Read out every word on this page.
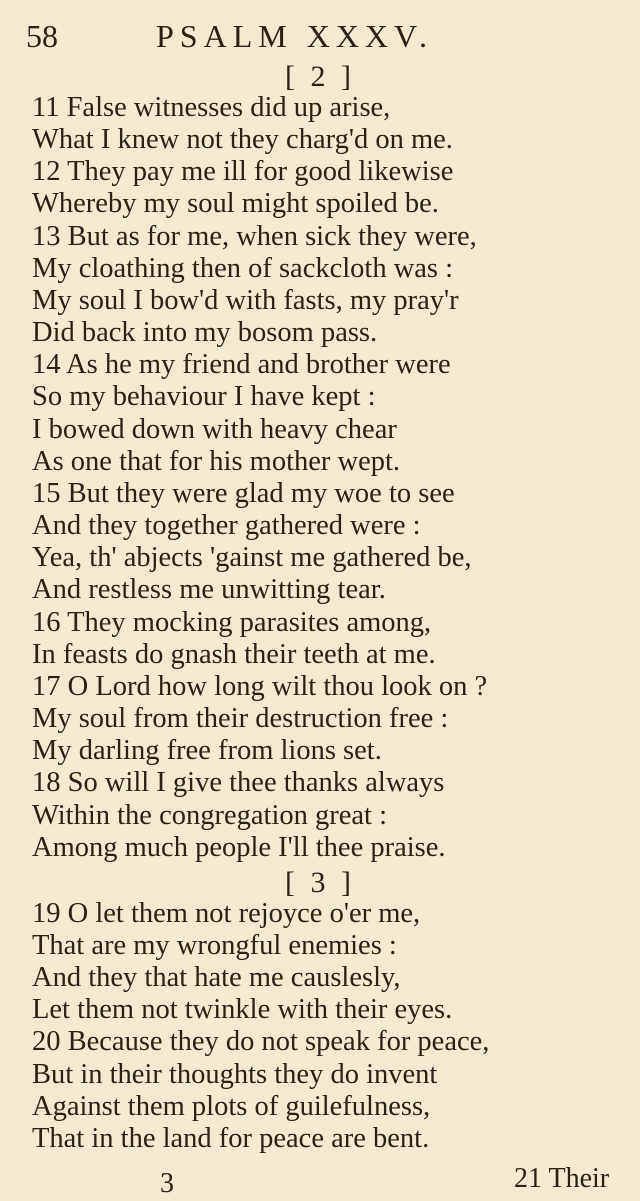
58	PSALM XXXV.
[ 2 ]
11 False witnesses did up arise,
What I knew not they charg'd on me.
12 They pay me ill for good likewise
Whereby my soul might spoiled be.
13 But as for me, when sick they were,
My cloathing then of sackcloth was :
My soul I bow'd with fasts, my pray'r
Did back into my bosom pass.
14 As he my friend and brother were
So my behaviour I have kept :
I bowed down with heavy chear
As one that for his mother wept.
15 But they were glad my woe to see
And they together gathered were :
Yea, th' abjects 'gainst me gathered be,
And restless me unwitting tear.
16 They mocking parasites among,
In feasts do gnash their teeth at me.
17 O Lord how long wilt thou look on ?
My soul from their destruction free :
My darling free from lions set.
18 So will I give thee thanks always
Within the congregation great :
Among much people I'll thee praise.
[ 3 ]
19 O let them not rejoyce o'er me,
That are my wrongful enemies :
And they that hate me causlesly,
Let them not twinkle with their eyes.
20 Because they do not speak for peace,
But in their thoughts they do invent
Against them plots of guilefulness,
That in the land for peace are bent.
3	21 Their
